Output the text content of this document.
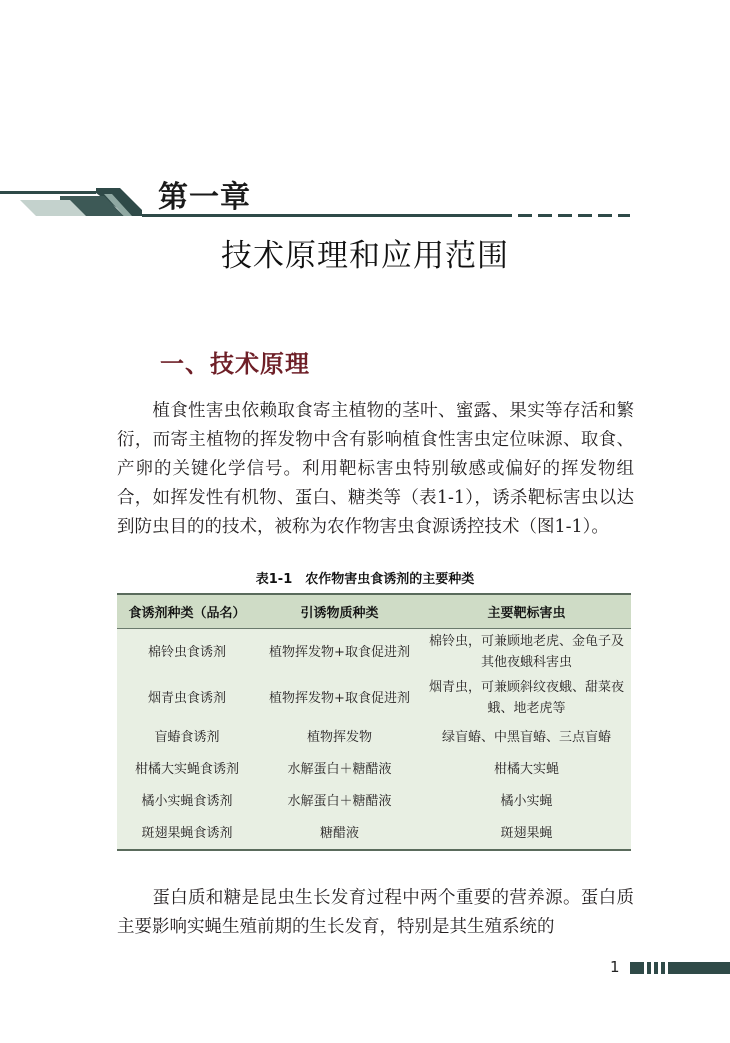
第一章
技术原理和应用范围
一、技术原理
植食性害虫依赖取食寄主植物的茎叶、蜜露、果实等存活和繁衍，而寄主植物的挥发物中含有影响植食性害虫定位味源、取食、产卵的关键化学信号。利用靶标害虫特别敏感或偏好的挥发物组合，如挥发性有机物、蛋白、糖类等（表1-1），诱杀靶标害虫以达到防虫目的的技术，被称为农作物害虫食源诱控技术（图1-1）。
表1-1　农作物害虫食诱剂的主要种类
食诱剂种类（品名）	引诱物质种类	主要靶标害虫
棉铃虫食诱剂	植物挥发物+取食促进剂	棉铃虫，可兼顾地老虎、金龟子及其他夜蛾科害虫
烟青虫食诱剂	植物挥发物+取食促进剂	烟青虫，可兼顾斜纹夜蛾、甜菜夜蛾、地老虎等
盲蝽食诱剂	植物挥发物	绿盲蝽、中黑盲蝽、三点盲蝽
柑橘大实蝇食诱剂	水解蛋白＋糖醋液	柑橘大实蝇
橘小实蝇食诱剂	水解蛋白＋糖醋液	橘小实蝇
斑翅果蝇食诱剂	糖醋液	斑翅果蝇
蛋白质和糖是昆虫生长发育过程中两个重要的营养源。蛋白质主要影响实蝇生殖前期的生长发育，特别是其生殖系统的
1
